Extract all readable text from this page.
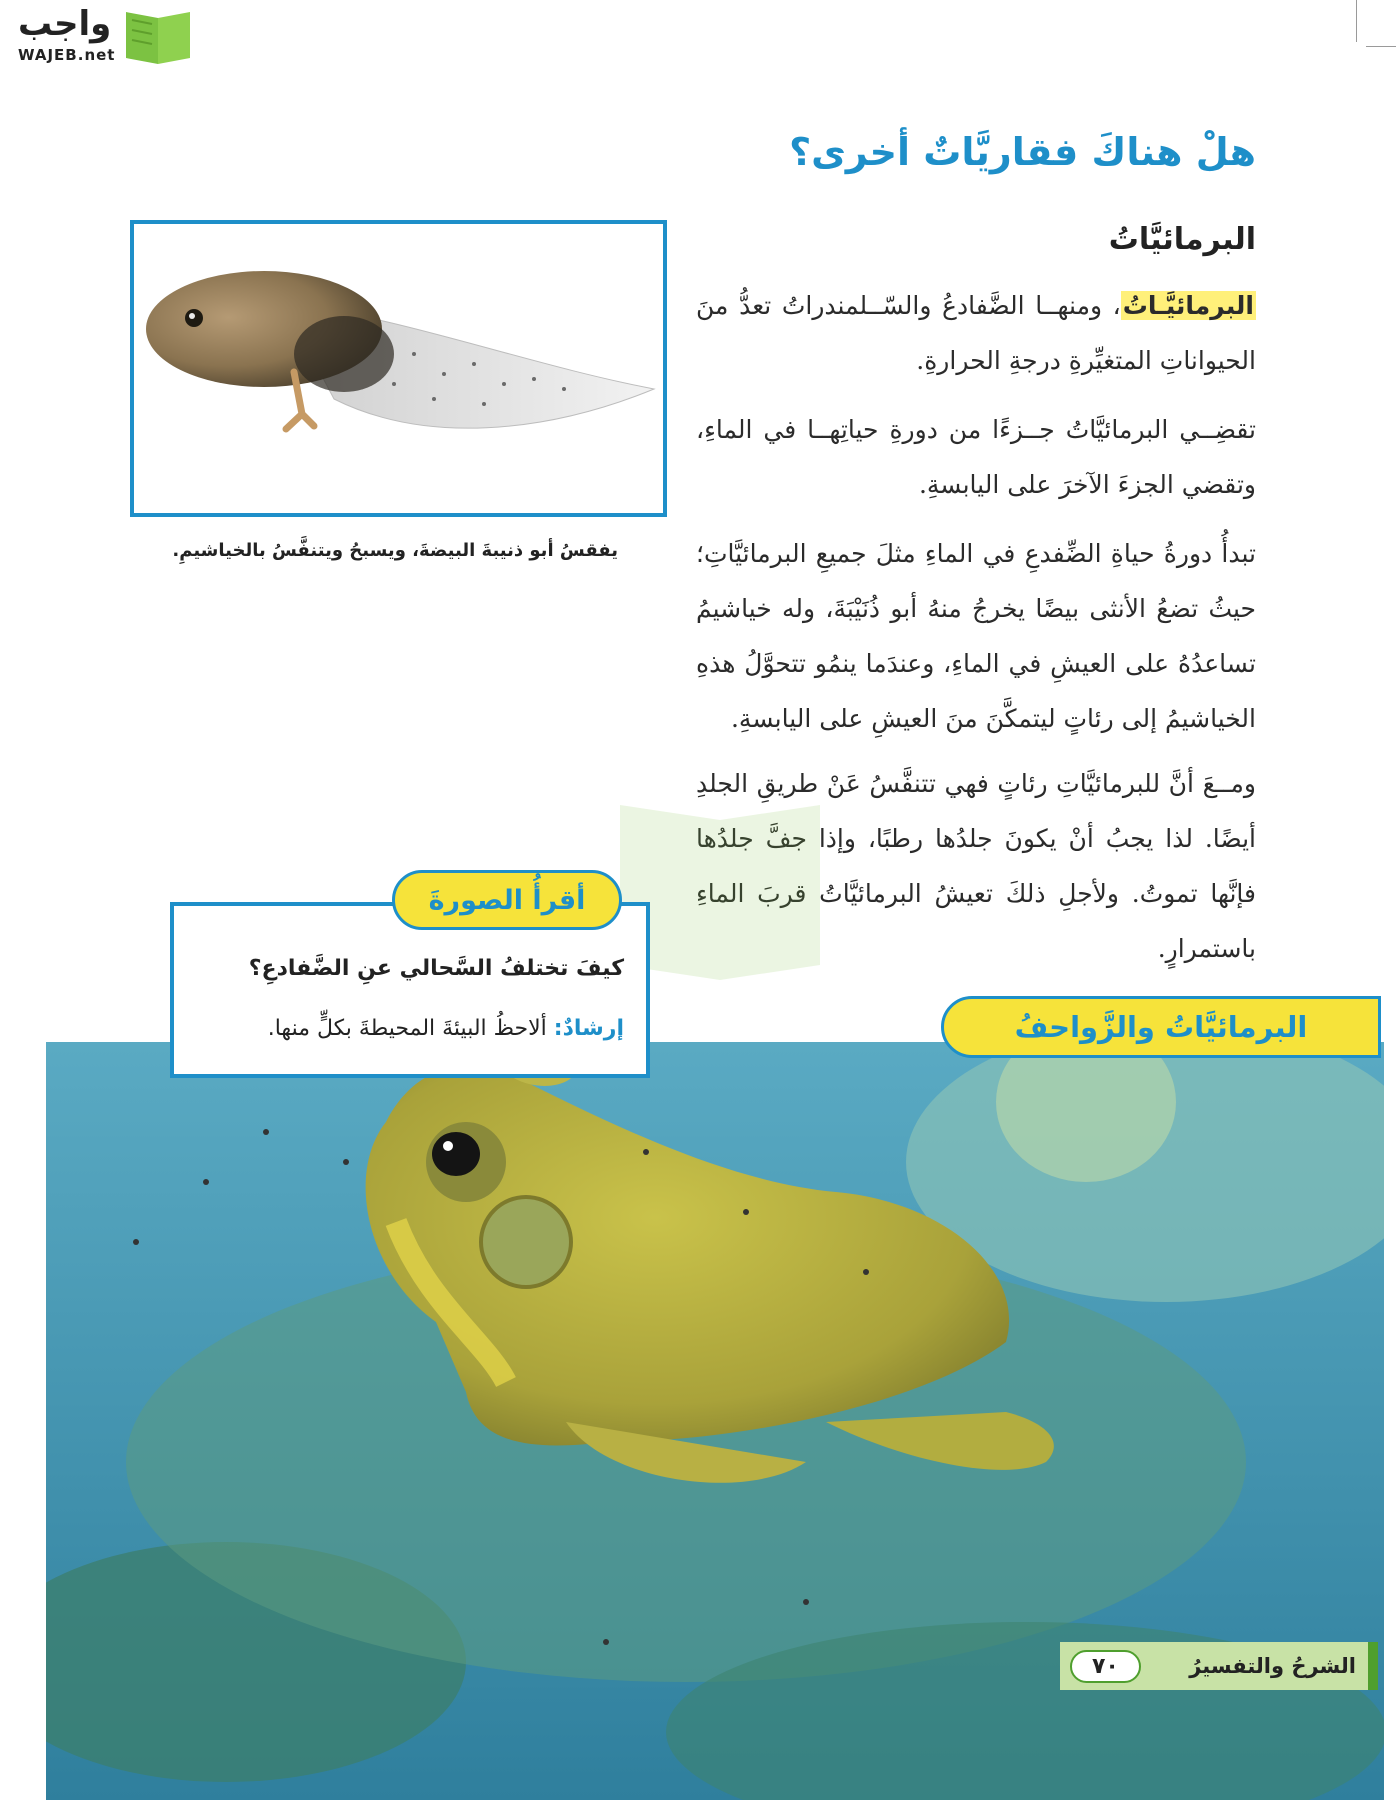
واجب
WAJEB.net
هلْ هناكَ فقاريَّاتٌ أخرى؟
البرمائيَّاتُ

البرمائيَّـاتُ، ومنهــا الضَّفادعُ والسّــلمندراتُ تعدُّ منَ الحيواناتِ المتغيِّرةِ درجةِ الحرارةِ.

تقضِــي البرمائيَّاتُ جــزءًا من دورةِ حياتِهــا في الماءِ، وتقضي الجزءَ الآخرَ على اليابسةِ.

تبدأُ دورةُ حياةِ الضِّفدعِ في الماءِ مثلَ جميعِ البرمائيَّاتِ؛ حيثُ تضعُ الأنثى بيضًا يخرجُ منهُ أبو ذُنَيْبَةَ، وله خياشيمُ تساعدُهُ على العيشِ في الماءِ، وعندَما ينمُو تتحوَّلُ هذهِ الخياشيمُ إلى رئاتٍ ليتمكَّنَ منَ العيشِ على اليابسةِ.

ومــعَ أنَّ للبرمائيَّاتِ رئاتٍ فهي تتنفَّسُ عَنْ طريقِ الجلدِ أيضًا. لذا يجبُ أنْ يكونَ جلدُها رطبًا، وإذا جفَّ جلدُها فإنَّها تموتُ. ولأجلِ ذلكَ تعيشُ البرمائيَّاتُ قربَ الماءِ باستمرارٍ.

يفقسُ أبو ذنيبةَ البيضةَ، ويسبحُ ويتنفَّسُ بالخياشيمِ.

كيفَ تختلفُ السَّحالي عنِ الضَّفادعِ؟

إرشادٌ: ألاحظُ البيئةَ المحيطةَ بكلٍّ منها.

أقرأُ الصورةَ
البرمائيَّاتُ والزَّواحفُ
٧٠	الشرحُ والتفسيرُ
